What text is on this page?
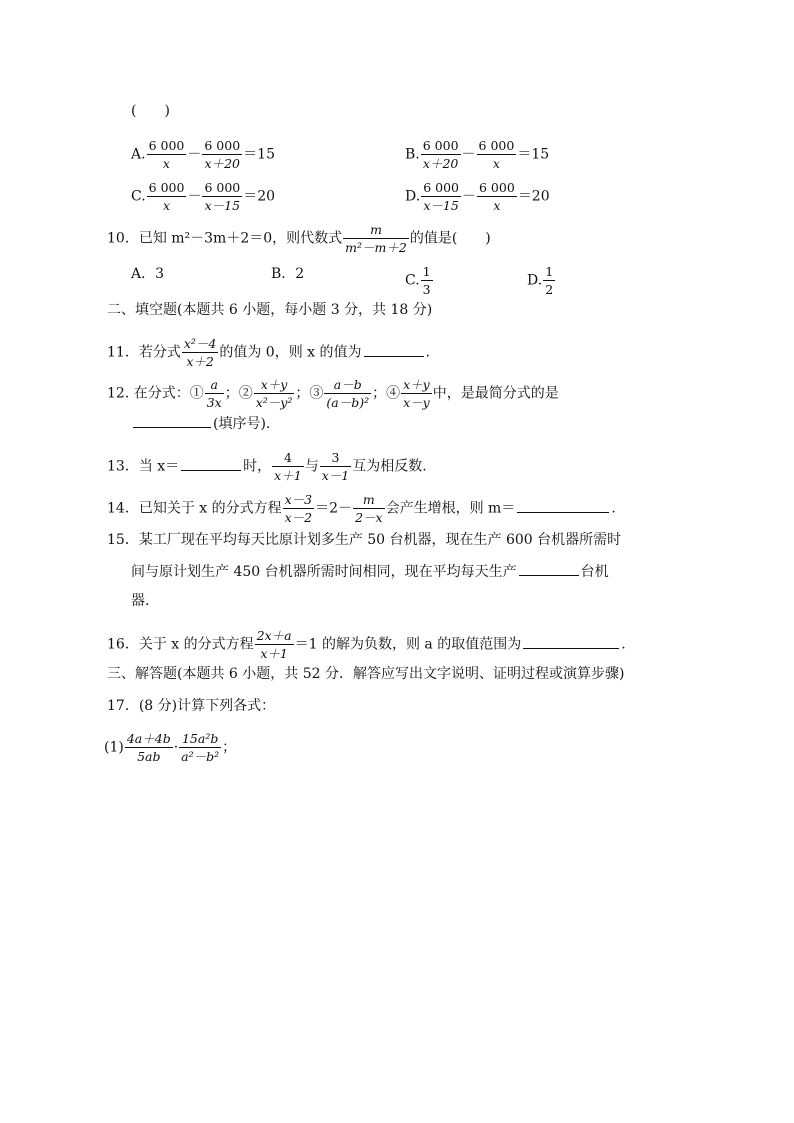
(　　)
A. $\frac{6 000}{x} - \frac{6 000}{x+20} =15$	B. $\frac{6 000}{x+20} - \frac{6 000}{x} =15$
C. $\frac{6 000}{x} - \frac{6 000}{x-15} =20$	D. $\frac{6 000}{x-15} - \frac{6 000}{x} =20$
10．已知 m²－3m＋2＝0，则代数式 $\frac{m}{\text{m²－m＋2}}$ 的值是(　　)
A．3	B．2	C. $\frac{1}{3}$	D. $\frac{1}{2}$
二、填空题(本题共 6 小题，每小题 3 分，共 18 分)
11．若分式 $\frac{\text{x²－4}}{x+2}$ 的值为 0，则 x 的值为	.
12. 在分式：① $\frac{a}{3x}$ ；② $\frac{x+y}{\text{x²－y²}}$ ；③ $\frac{a-b}{\text{(a－b)²}}$ ；④ $\frac{x+y}{x-y}$ 中，是最简分式的是
(填序号).
13．当 x＝	时， $\frac{4}{x+1}$ 与 $\frac{3}{x-1}$ 互为相反数.
14．已知关于 x 的分式方程 $\frac{x-3}{x-2} =2- \frac{m}{2-x}$ 会产生增根，则 m＝	.
15．某工厂现在平均每天比原计划多生产 50 台机器，现在生产 600 台机器所需时
间与原计划生产 450 台机器所需时间相同，现在平均每天生产	台机
器.
16．关于 x 的分式方程 $\frac{2x+a}{x+1} =1$ 的解为负数，则 a 的取值范围为	.
三、解答题(本题共 6 小题，共 52 分．解答应写出文字说明、证明过程或演算步骤)
17．(8 分)计算下列各式：
$(1) \frac{4a+4b}{5ab} \cdot \frac{\text{15a²b}}{\text{a²－b²}}$ ；
